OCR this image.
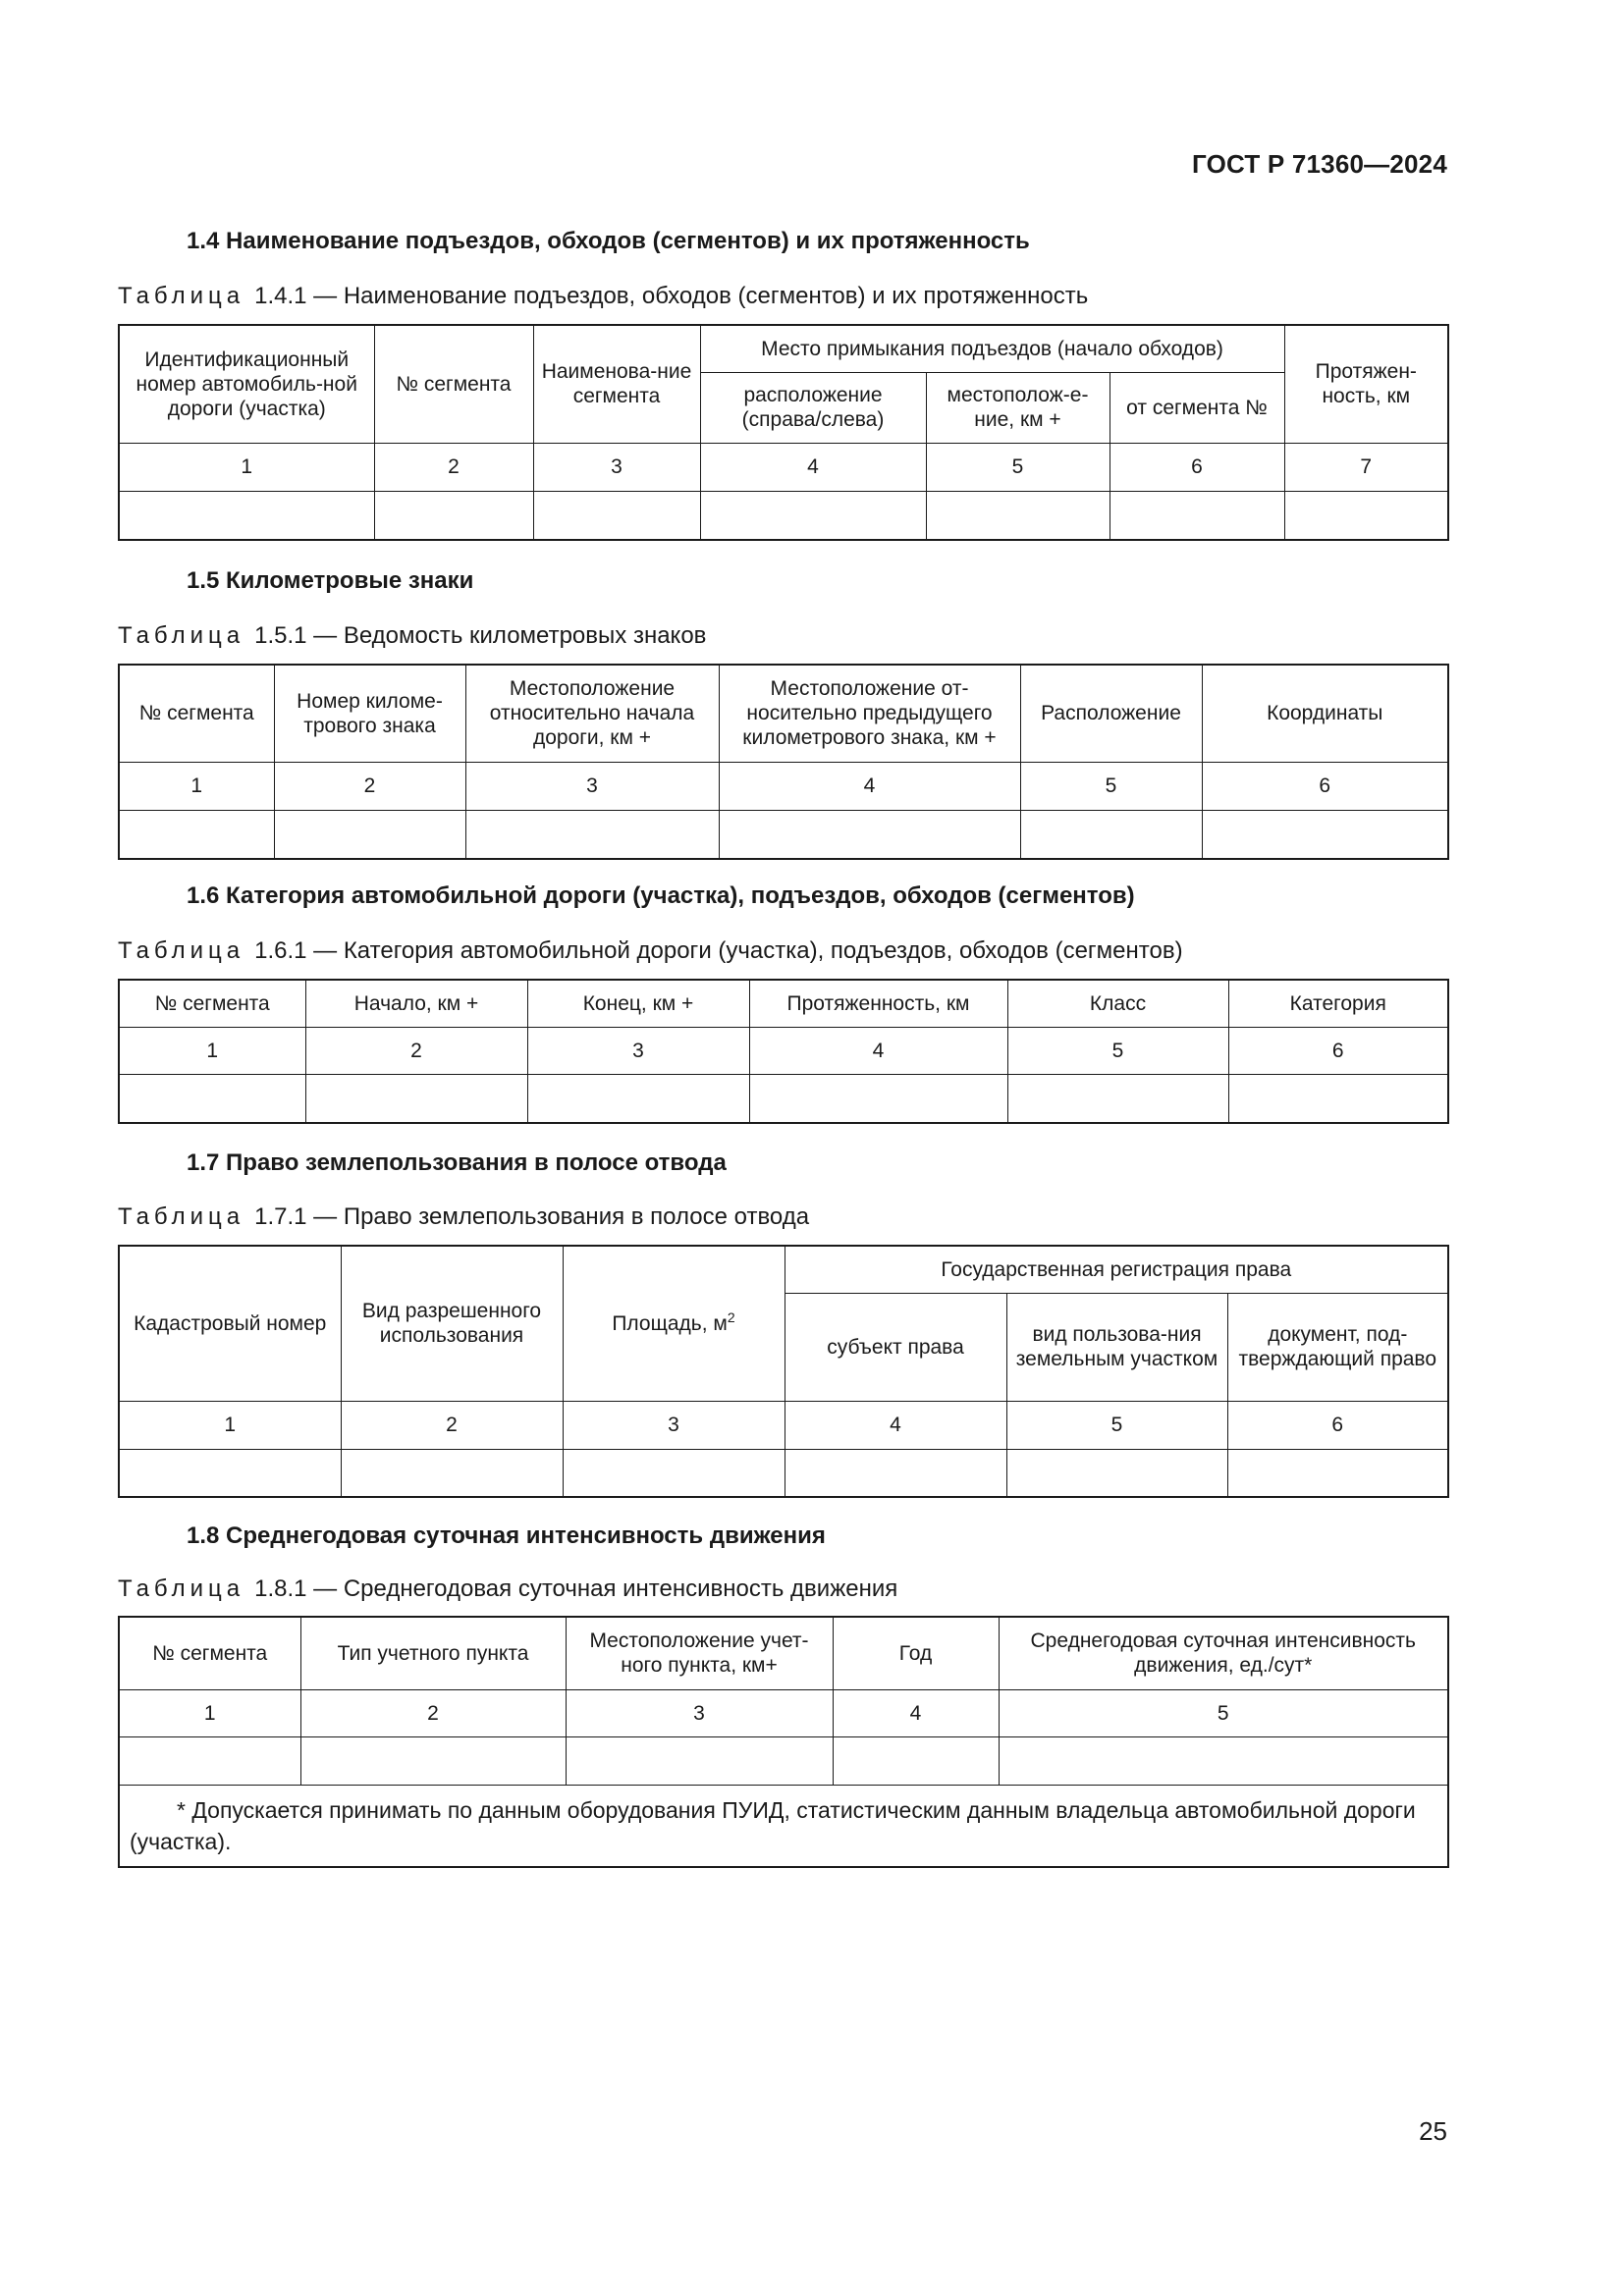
ГОСТ Р 71360—2024
1.4 Наименование подъездов, обходов (сегментов) и их протяженность
Таблица 1.4.1 — Наименование подъездов, обходов (сегментов) и их протяженность
Идентификационный номер автомобиль-ной дороги (участка)	№ сегмента	Наименова-ние сегмента	Место примыкания подъездов (начало обходов)			Протяжен-ность, км
			расположение (справа/слева)	местополож-е-ние, км +	от сегмента №	
1	2	3	4	5	6	7

1.5 Километровые знаки
Таблица 1.5.1 — Ведомость километровых знаков
№ сегмента	Номер киломе-трового знака	Местоположение относительно начала дороги, км +	Местоположение от-носительно предыдущего километрового знака, км +	Расположение	Координаты
1	2	3	4	5	6

1.6 Категория автомобильной дороги (участка), подъездов, обходов (сегментов)
Таблица 1.6.1 — Категория автомобильной дороги (участка), подъездов, обходов (сегментов)
№ сегмента	Начало, км +	Конец, км +	Протяженность, км	Класс	Категория
1	2	3	4	5	6

1.7 Право землепользования в полосе отвода
Таблица 1.7.1 — Право землепользования в полосе отвода
Кадастровый номер	Вид разрешенного использования	Площадь, $м^2$	Государственная регистрация права		
			субъект права	вид пользова-ния земельным участком	документ, под-тверждающий право
1	2	3	4	5	6

1.8 Среднегодовая суточная интенсивность движения
Таблица 1.8.1 — Среднегодовая суточная интенсивность движения
№ сегмента	Тип учетного пункта	Местоположение учет-ного пункта, км+	Год	Среднегодовая суточная интенсивность движения, ед./сут*
1	2	3	4	5

* Допускается принимать по данным оборудования ПУИД, статистическим данным владельца автомобильной дороги (участка).				
25
